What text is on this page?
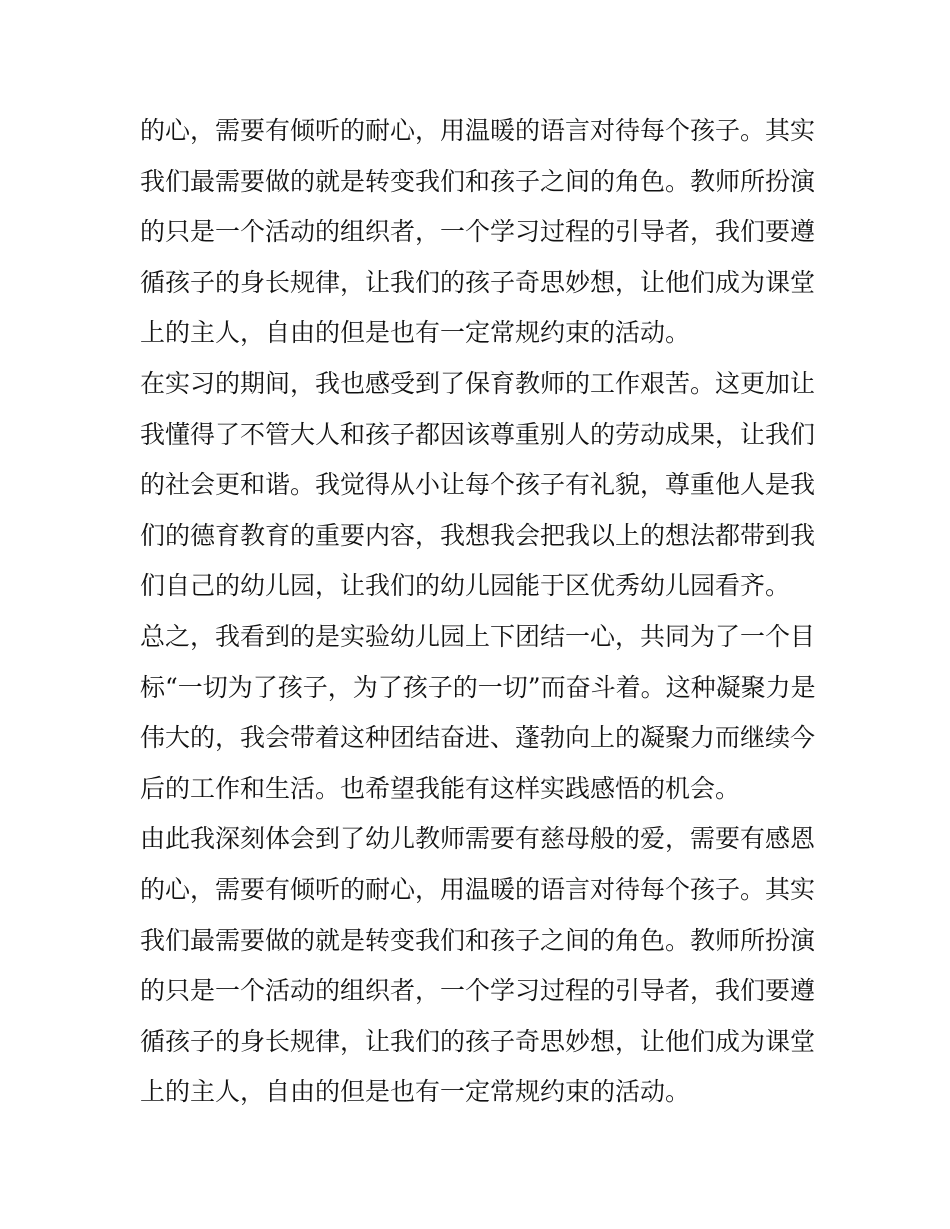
的心，需要有倾听的耐心，用温暖的语言对待每个孩子。其实
我们最需要做的就是转变我们和孩子之间的角色。教师所扮演
的只是一个活动的组织者，一个学习过程的引导者，我们要遵
循孩子的身长规律，让我们的孩子奇思妙想，让他们成为课堂
上的主人，自由的但是也有一定常规约束的活动。
在实习的期间，我也感受到了保育教师的工作艰苦。这更加让
我懂得了不管大人和孩子都因该尊重别人的劳动成果，让我们
的社会更和谐。我觉得从小让每个孩子有礼貌，尊重他人是我
们的德育教育的重要内容，我想我会把我以上的想法都带到我
们自己的幼儿园，让我们的幼儿园能于区优秀幼儿园看齐。
总之，我看到的是实验幼儿园上下团结一心，共同为了一个目
标“一切为了孩子，为了孩子的一切”而奋斗着。这种凝聚力是
伟大的，我会带着这种团结奋进、蓬勃向上的凝聚力而继续今
后的工作和生活。也希望我能有这样实践感悟的机会。
由此我深刻体会到了幼儿教师需要有慈母般的爱，需要有感恩
的心，需要有倾听的耐心，用温暖的语言对待每个孩子。其实
我们最需要做的就是转变我们和孩子之间的角色。教师所扮演
的只是一个活动的组织者，一个学习过程的引导者，我们要遵
循孩子的身长规律，让我们的孩子奇思妙想，让他们成为课堂
上的主人，自由的但是也有一定常规约束的活动。
